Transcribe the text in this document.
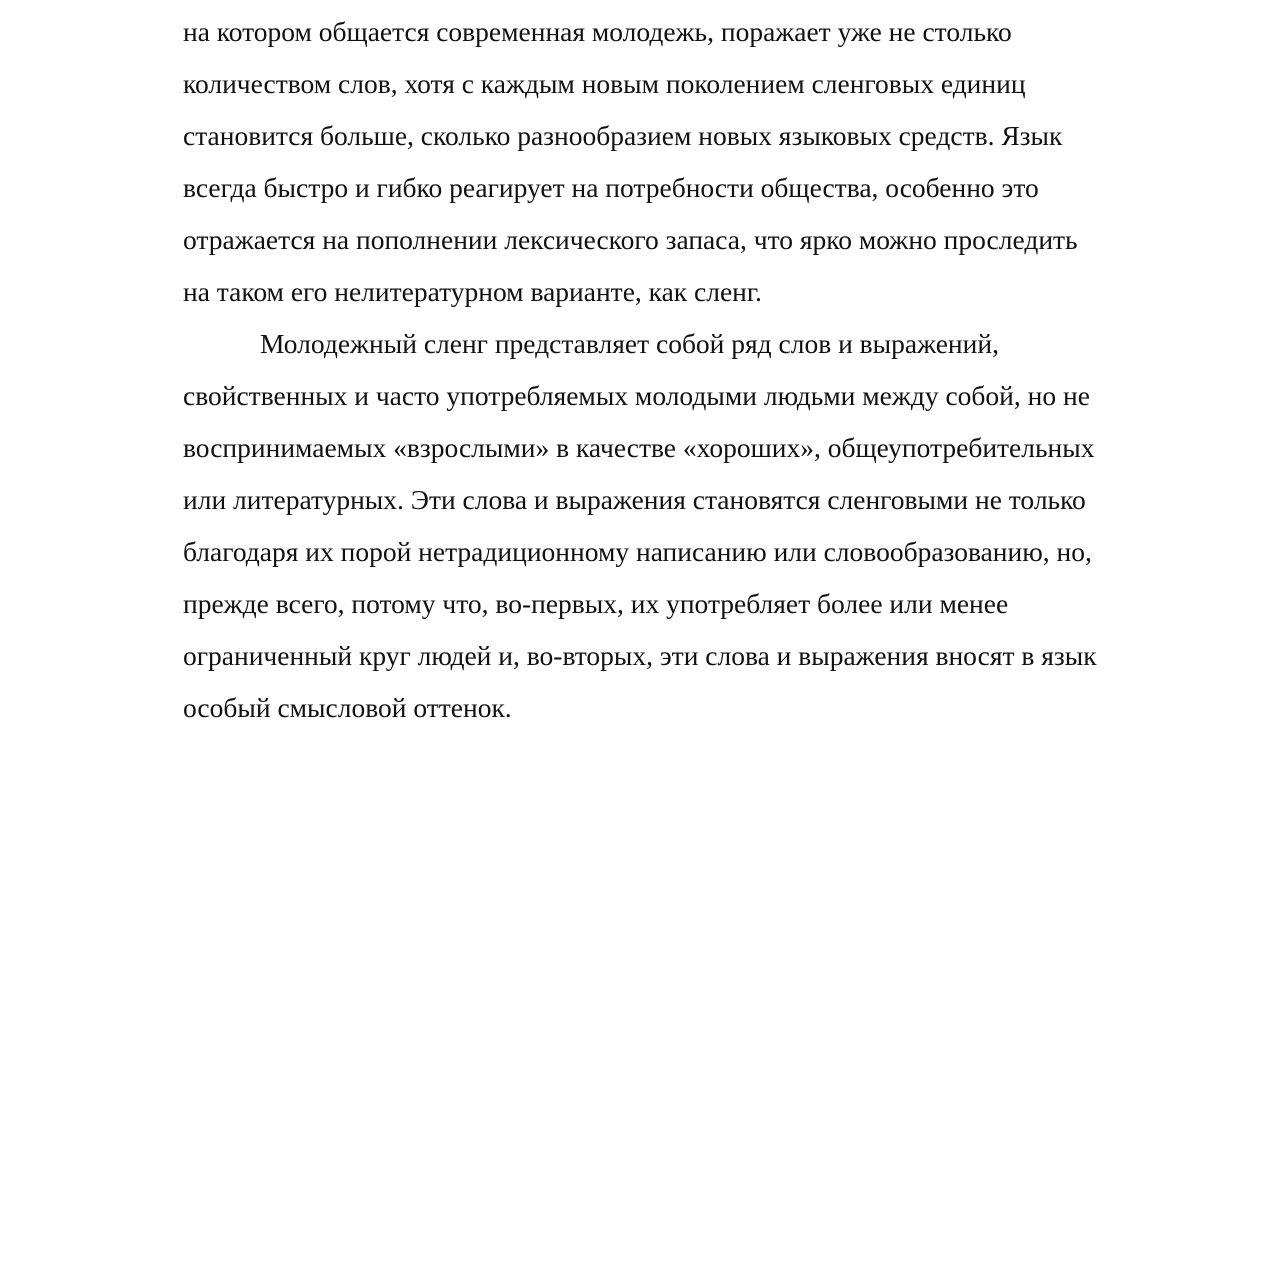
на котором общается современная молодежь, поражает уже не столько
количеством слов, хотя с каждым новым поколением сленговых единиц
становится больше, сколько разнообразием новых языковых средств. Язык
всегда быстро и гибко реагирует на потребности общества, особенно это
отражается на пополнении лексического запаса, что ярко можно проследить
на таком его нелитературном варианте, как сленг.

Молодежный сленг представляет собой ряд слов и выражений,
свойственных и часто употребляемых молодыми людьми между собой, но не
воспринимаемых «взрослыми» в качестве «хороших», общеупотребительных
или литературных. Эти слова и выражения становятся сленговыми не только
благодаря их порой нетрадиционному написанию или словообразованию, но,
прежде всего, потому что, во-первых, их употребляет более или менее
ограниченный круг людей и, во-вторых, эти слова и выражения вносят в язык
особый смысловой оттенок.
